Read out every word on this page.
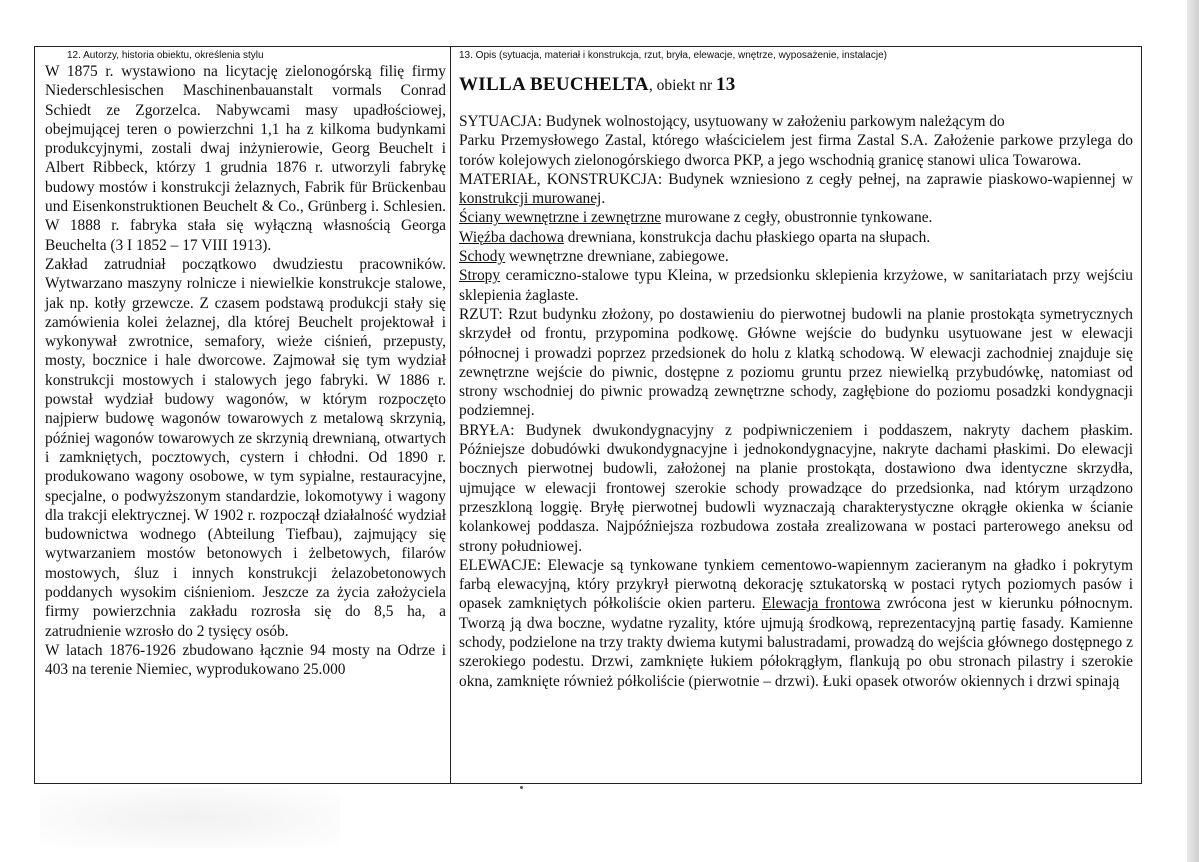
12. Autorzy, historia obiektu, określenia stylu

W 1875 r. wystawiono na licytację zielonogórską filię firmy Niederschlesischen Maschinenbauanstalt vormals Conrad Schiedt ze Zgorzelca. Nabywcami masy upadłościowej, obejmującej teren o powierzchni 1,1 ha z kilkoma budynkami produkcyjnymi, zostali dwaj inżynierowie, Georg Beuchelt i Albert Ribbeck, którzy 1 grudnia 1876 r. utworzyli fabrykę budowy mostów i konstrukcji żelaznych, Fabrik für Brückenbau und Eisenkonstruktionen Beuchelt & Co., Grünberg i. Schlesien. W 1888 r. fabryka stała się wyłączną własnością Georga Beuchelta (3 I 1852 – 17 VIII 1913).

Zakład zatrudniał początkowo dwudziestu pracowników. Wytwarzano maszyny rolnicze i niewielkie konstrukcje stalowe, jak np. kotły grzewcze. Z czasem podstawą produkcji stały się zamówienia kolei żelaznej, dla której Beuchelt projektował i wykonywał zwrotnice, semafory, wieże ciśnień, przepusty, mosty, bocznice i hale dworcowe. Zajmował się tym wydział konstrukcji mostowych i stalowych jego fabryki. W 1886 r. powstał wydział budowy wagonów, w którym rozpoczęto najpierw budowę wagonów towarowych z metalową skrzynią, później wagonów towarowych ze skrzynią drewnianą, otwartych i zamkniętych, pocztowych, cystern i chłodni. Od 1890 r. produkowano wagony osobowe, w tym sypialne, restauracyjne, specjalne, o podwyższonym standardzie, lokomotywy i wagony dla trakcji elektrycznej. W 1902 r. rozpoczął działalność wydział budownictwa wodnego (Abteilung Tiefbau), zajmujący się wytwarzaniem mostów betonowych i żelbetowych, filarów mostowych, śluz i innych konstrukcji żelazobetonowych poddanych wysokim ciśnieniom. Jeszcze za życia założyciela firmy powierzchnia zakładu rozrosła się do 8,5 ha, a zatrudnienie wzrosło do 2 tysięcy osób.

W latach 1876-1926 zbudowano łącznie 94 mosty na Odrze i 403 na terenie Niemiec, wyprodukowano 25.000

13. Opis (sytuacja, materiał i konstrukcja, rzut, bryła, elewacje, wnętrze, wyposażenie, instalacje)
WILLA BEUCHELTA, obiekt nr 13

SYTUACJA: Budynek wolnostojący, usytuowany w założeniu parkowym należącym do

Parku Przemysłowego Zastal, którego właścicielem jest firma Zastal S.A. Założenie parkowe przylega do torów kolejowych zielonogórskiego dworca PKP, a jego wschodnią granicę stanowi ulica Towarowa.

MATERIAŁ, KONSTRUKCJA: Budynek wzniesiono z cegły pełnej, na zaprawie piaskowo-wapiennej w konstrukcji murowanej.

Ściany wewnętrzne i zewnętrzne murowane z cegły, obustronnie tynkowane.

Więźba dachowa drewniana, konstrukcja dachu płaskiego oparta na słupach.

Schody wewnętrzne drewniane, zabiegowe.

Stropy ceramiczno-stalowe typu Kleina, w przedsionku sklepienia krzyżowe, w sanitariatach przy wejściu sklepienia żaglaste.

RZUT: Rzut budynku złożony, po dostawieniu do pierwotnej budowli na planie prostokąta symetrycznych skrzydeł od frontu, przypomina podkowę. Główne wejście do budynku usytuowane jest w elewacji północnej i prowadzi poprzez przedsionek do holu z klatką schodową. W elewacji zachodniej znajduje się zewnętrzne wejście do piwnic, dostępne z poziomu gruntu przez niewielką przybudówkę, natomiast od strony wschodniej do piwnic prowadzą zewnętrzne schody, zagłębione do poziomu posadzki kondygnacji podziemnej.

BRYŁA: Budynek dwukondygnacyjny z podpiwniczeniem i poddaszem, nakryty dachem płaskim. Późniejsze dobudówki dwukondygnacyjne i jednokondygnacyjne, nakryte dachami płaskimi. Do elewacji bocznych pierwotnej budowli, założonej na planie prostokąta, dostawiono dwa identyczne skrzydła, ujmujące w elewacji frontowej szerokie schody prowadzące do przedsionka, nad którym urządzono przeszkloną loggię. Bryłę pierwotnej budowli wyznaczają charakterystyczne okrągłe okienka w ścianie kolankowej poddasza. Najpóźniejsza rozbudowa została zrealizowana w postaci parterowego aneksu od strony południowej.

ELEWACJE: Elewacje są tynkowane tynkiem cementowo-wapiennym zacieranym na gładko i pokrytym farbą elewacyjną, który przykrył pierwotną dekorację sztukatorską w postaci rytych poziomych pasów i opasek zamkniętych półkoliście okien parteru. Elewacja frontowa zwrócona jest w kierunku północnym. Tworzą ją dwa boczne, wydatne ryzality, które ujmują środkową, reprezentacyjną partię fasady. Kamienne schody, podzielone na trzy trakty dwiema kutymi balustradami, prowadzą do wejścia głównego dostępnego z szerokiego podestu. Drzwi, zamknięte łukiem półokrągłym, flankują po obu stronach pilastry i szerokie okna, zamknięte również półkoliście (pierwotnie – drzwi). Łuki opasek otworów okiennych i drzwi spinają
